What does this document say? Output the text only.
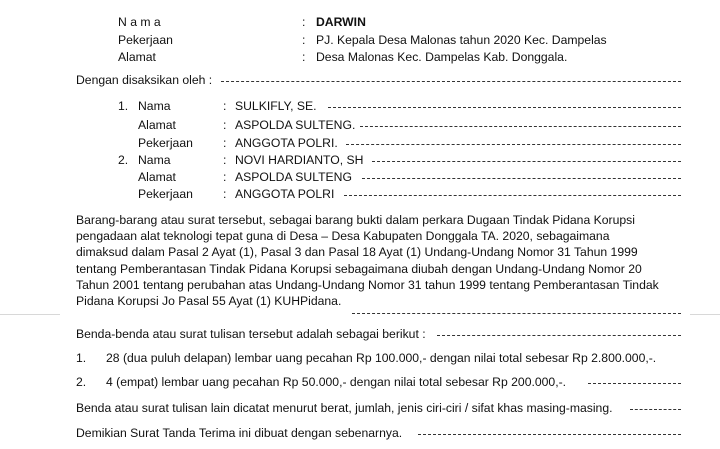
N a m a	: DARWIN
Pekerjaan	: PJ. Kepala Desa Malonas tahun 2020 Kec. Dampelas
Alamat	: Desa Malonas Kec. Dampelas Kab. Donggala.
Dengan disaksikan oleh :
1. Nama	: SULKIFLY, SE.
Alamat	: ASPOLDA SULTENG.
Pekerjaan : ANGGOTA POLRI.
2. Nama	: NOVI HARDIANTO, SH
Alamat	: ASPOLDA SULTENG
Pekerjaan : ANGGOTA POLRI
Barang-barang atau surat tersebut, sebagai barang bukti dalam perkara Dugaan Tindak Pidana Korupsi
pengadaan alat teknologi tepat guna di Desa – Desa Kabupaten Donggala TA. 2020, sebagaimana
dimaksud dalam Pasal 2 Ayat (1), Pasal 3 dan Pasal 18 Ayat (1) Undang-Undang Nomor 31 Tahun 1999
tentang Pemberantasan Tindak Pidana Korupsi sebagaimana diubah dengan Undang-Undang Nomor 20
Tahun 2001 tentang perubahan atas Undang-Undang Nomor 31 tahun 1999 tentang Pemberantasan Tindak
Pidana Korupsi Jo Pasal 55 Ayat (1) KUHPidana.
Benda-benda atau surat tulisan tersebut adalah sebagai berikut :
1. 28 (dua puluh delapan) lembar uang pecahan Rp 100.000,- dengan nilai total sebesar Rp 2.800.000,-.
2. 4 (empat) lembar uang pecahan Rp 50.000,- dengan nilai total sebesar Rp 200.000,-.
Benda atau surat tulisan lain dicatat menurut berat, jumlah, jenis ciri-ciri / sifat khas masing-masing.
Demikian Surat Tanda Terima ini dibuat dengan sebenarnya.
